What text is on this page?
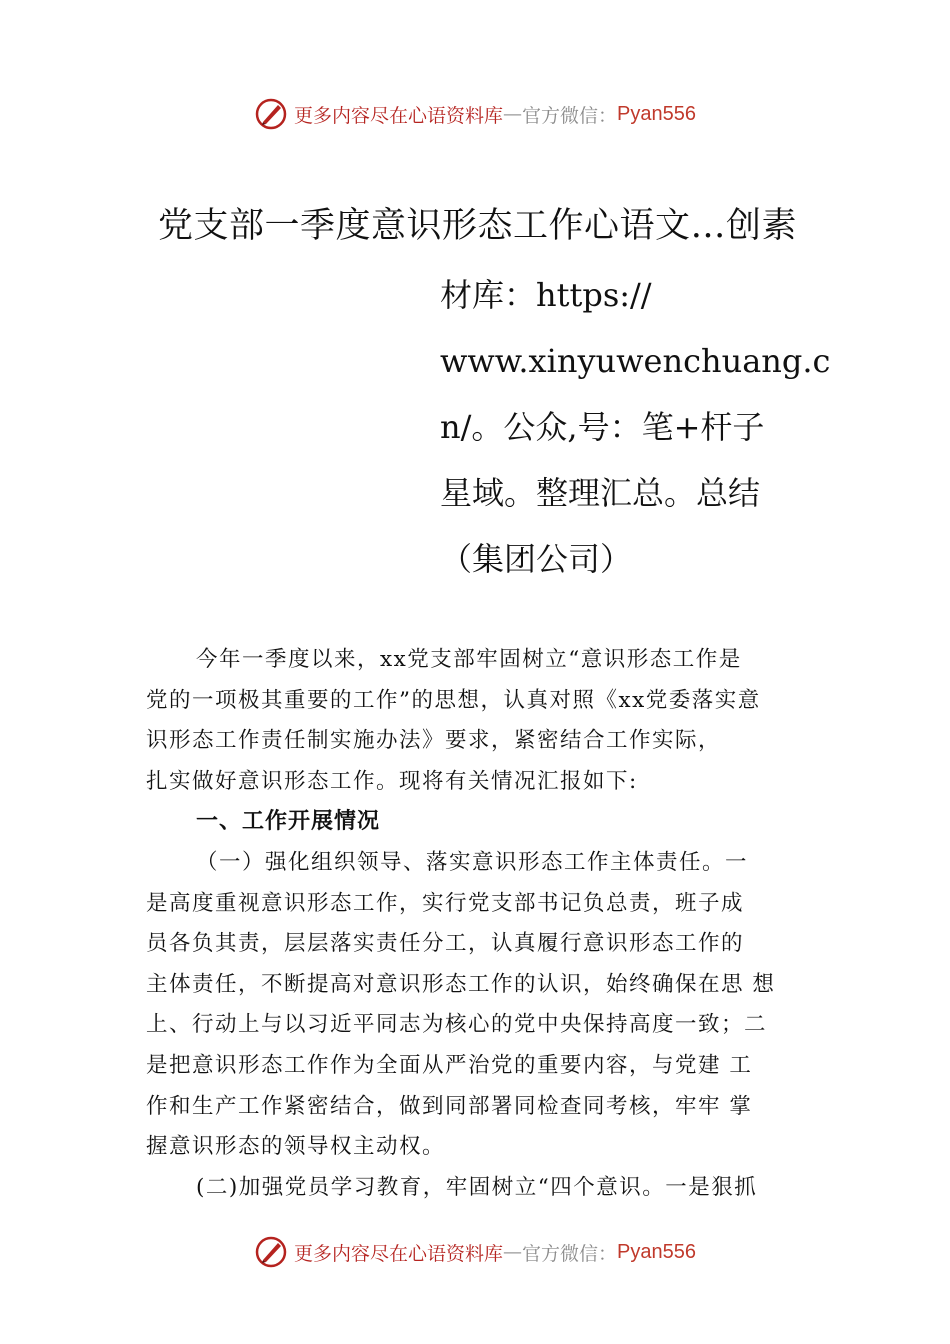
更多内容尽在心语资料库 — 官方微信： Pyan556
党支部一季度意识形态工作心语文…创素
材库：https://
www.xinyuwenchuang.c
n/。公众,号：笔+杆子
星域。整理汇总。总结
（集团公司）
今年一季度以来，xx党支部牢固树立“意识形态工作是
党的一项极其重要的工作”的思想，认真对照《xx党委落实意
识形态工作责任制实施办法》要求，紧密结合工作实际，
扎实做好意识形态工作。现将有关情况汇报如下:
一、工作开展情况
（一）强化组织领导、落实意识形态工作主体责任。一
是高度重视意识形态工作，实行党支部书记负总责，班子成
员各负其责，层层落实责任分工，认真履行意识形态工作的
主体责任，不断提高对意识形态工作的认识，始终确保在思 想
上、行动上与以习近平同志为核心的党中央保持高度一致；二
是把意识形态工作作为全面从严治党的重要内容，与党建 工
作和生产工作紧密结合，做到同部署同检查同考核，牢牢 掌
握意识形态的领导权主动权。
(二)加强党员学习教育，牢固树立“四个意识。一是狠抓
更多内容尽在心语资料库 — 官方微信： Pyan556
